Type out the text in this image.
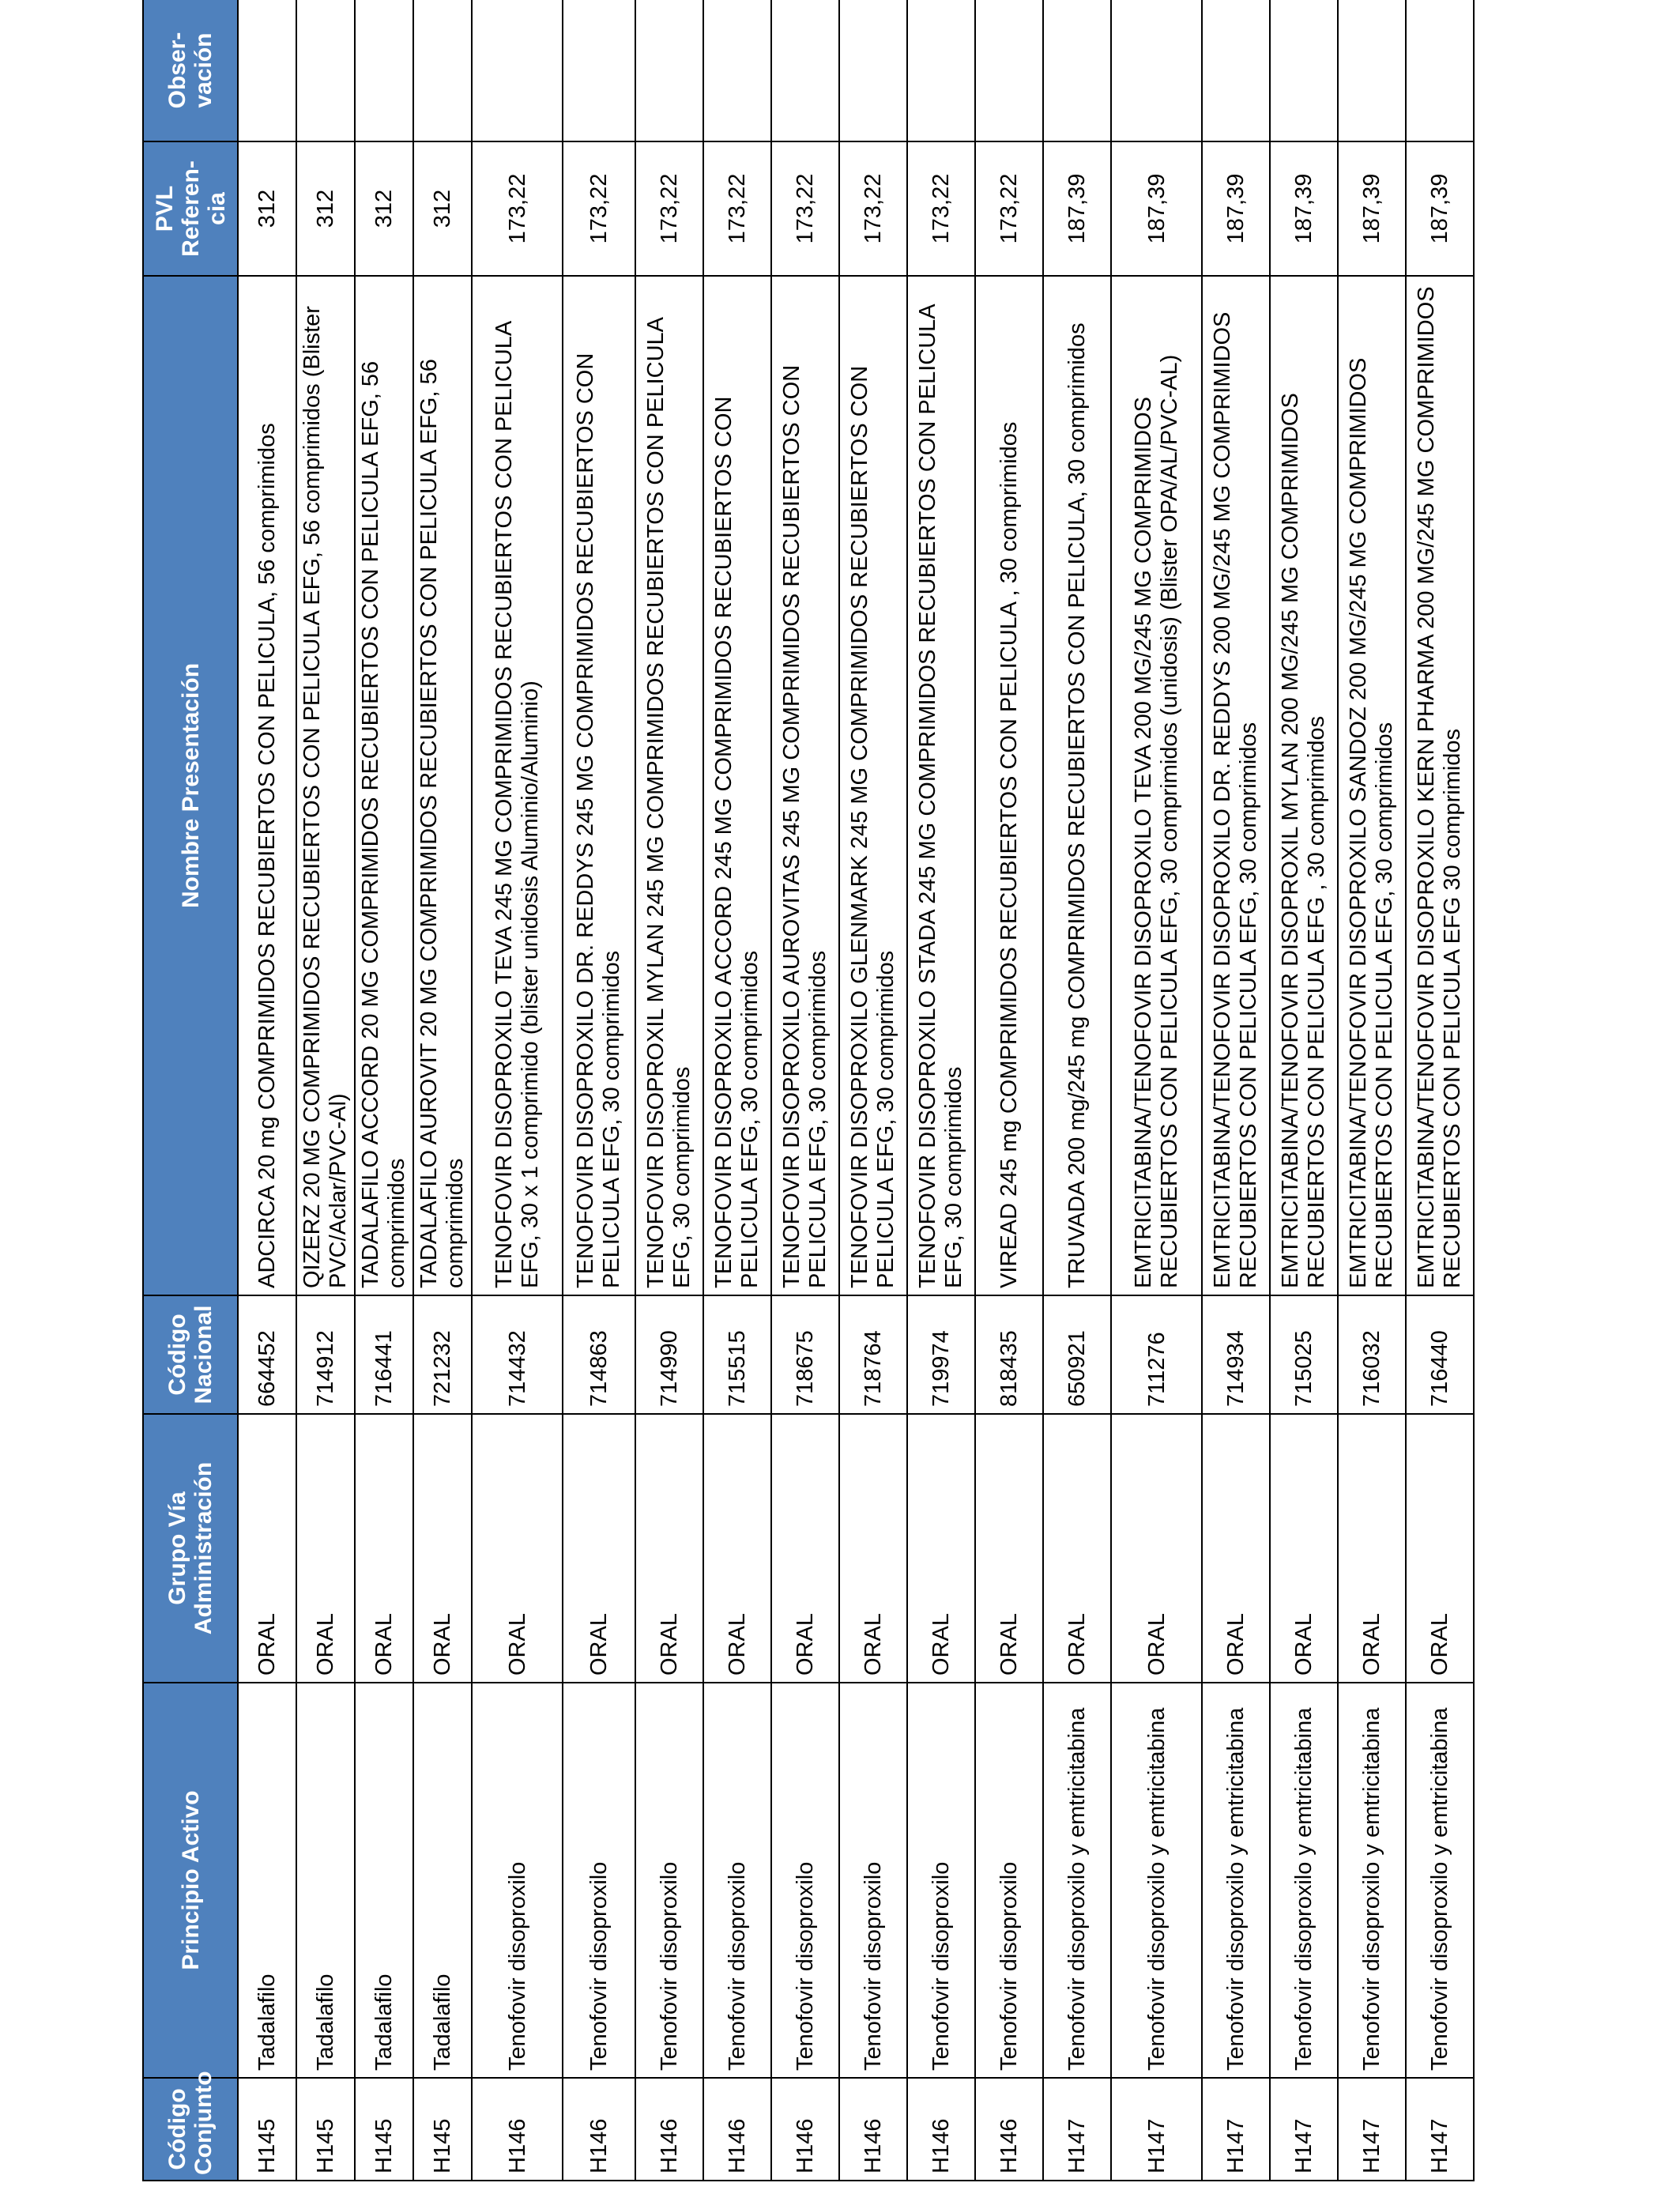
Código Conjunto	Principio Activo	Grupo Vía Administración	Código Nacional	Nombre Presentación	PVL Referen-cia	Obser-vación
H145	Tadalafilo	ORAL	664452	ADCIRCA 20 mg COMPRIMIDOS RECUBIERTOS CON PELICULA, 56 comprimidos	312	
H145	Tadalafilo	ORAL	714912	QIZERZ 20 MG COMPRIMIDOS RECUBIERTOS CON PELICULA EFG, 56 comprimidos (Blister PVC/Aclar/PVC-Al)	312	
H145	Tadalafilo	ORAL	716441	TADALAFILO ACCORD 20 MG COMPRIMIDOS RECUBIERTOS CON PELICULA EFG, 56 comprimidos	312	
H145	Tadalafilo	ORAL	721232	TADALAFILO AUROVIT 20 MG COMPRIMIDOS RECUBIERTOS CON PELICULA EFG, 56 comprimidos	312	
H146	Tenofovir disoproxilo	ORAL	714432	TENOFOVIR DISOPROXILO TEVA 245 MG COMPRIMIDOS RECUBIERTOS CON PELICULA EFG, 30 x 1 comprimido (blister unidosis Aluminio/Aluminio)	173,22	
H146	Tenofovir disoproxilo	ORAL	714863	TENOFOVIR DISOPROXILO DR. REDDYS 245 MG COMPRIMIDOS RECUBIERTOS CON PELICULA EFG, 30 comprimidos	173,22	
H146	Tenofovir disoproxilo	ORAL	714990	TENOFOVIR DISOPROXIL MYLAN 245 MG COMPRIMIDOS RECUBIERTOS CON PELICULA EFG, 30 comprimidos	173,22	
H146	Tenofovir disoproxilo	ORAL	715515	TENOFOVIR DISOPROXILO ACCORD 245 MG COMPRIMIDOS RECUBIERTOS CON PELICULA EFG, 30 comprimidos	173,22	
H146	Tenofovir disoproxilo	ORAL	718675	TENOFOVIR DISOPROXILO AUROVITAS 245 MG COMPRIMIDOS RECUBIERTOS CON PELICULA EFG, 30 comprimidos	173,22	
H146	Tenofovir disoproxilo	ORAL	718764	TENOFOVIR DISOPROXILO GLENMARK 245 MG COMPRIMIDOS RECUBIERTOS CON PELICULA EFG, 30 comprimidos	173,22	
H146	Tenofovir disoproxilo	ORAL	719974	TENOFOVIR DISOPROXILO STADA 245 MG COMPRIMIDOS RECUBIERTOS CON PELICULA EFG, 30 comprimidos	173,22	
H146	Tenofovir disoproxilo	ORAL	818435	VIREAD 245 mg COMPRIMIDOS RECUBIERTOS CON PELICULA , 30 comprimidos	173,22	
H147	Tenofovir disoproxilo y emtricitabina	ORAL	650921	TRUVADA 200 mg/245 mg COMPRIMIDOS RECUBIERTOS CON PELICULA, 30 comprimidos	187,39	
H147	Tenofovir disoproxilo y emtricitabina	ORAL	711276	EMTRICITABINA/TENOFOVIR DISOPROXILO TEVA 200 MG/245 MG COMPRIMIDOS RECUBIERTOS CON PELICULA EFG, 30 comprimidos (unidosis) (Blister OPA/AL/PVC-AL)	187,39	
H147	Tenofovir disoproxilo y emtricitabina	ORAL	714934	EMTRICITABINA/TENOFOVIR DISOPROXILO DR. REDDYS 200 MG/245 MG COMPRIMIDOS RECUBIERTOS CON PELICULA EFG, 30 comprimidos	187,39	
H147	Tenofovir disoproxilo y emtricitabina	ORAL	715025	EMTRICITABINA/TENOFOVIR DISOPROXIL MYLAN 200 MG/245 MG COMPRIMIDOS RECUBIERTOS CON PELICULA EFG , 30 comprimidos	187,39	
H147	Tenofovir disoproxilo y emtricitabina	ORAL	716032	EMTRICITABINA/TENOFOVIR DISOPROXILO SANDOZ 200 MG/245 MG COMPRIMIDOS RECUBIERTOS CON PELICULA EFG, 30 comprimidos	187,39	
H147	Tenofovir disoproxilo y emtricitabina	ORAL	716440	EMTRICITABINA/TENOFOVIR DISOPROXILO KERN PHARMA 200 MG/245 MG COMPRIMIDOS RECUBIERTOS CON PELICULA EFG 30 comprimidos	187,39	
